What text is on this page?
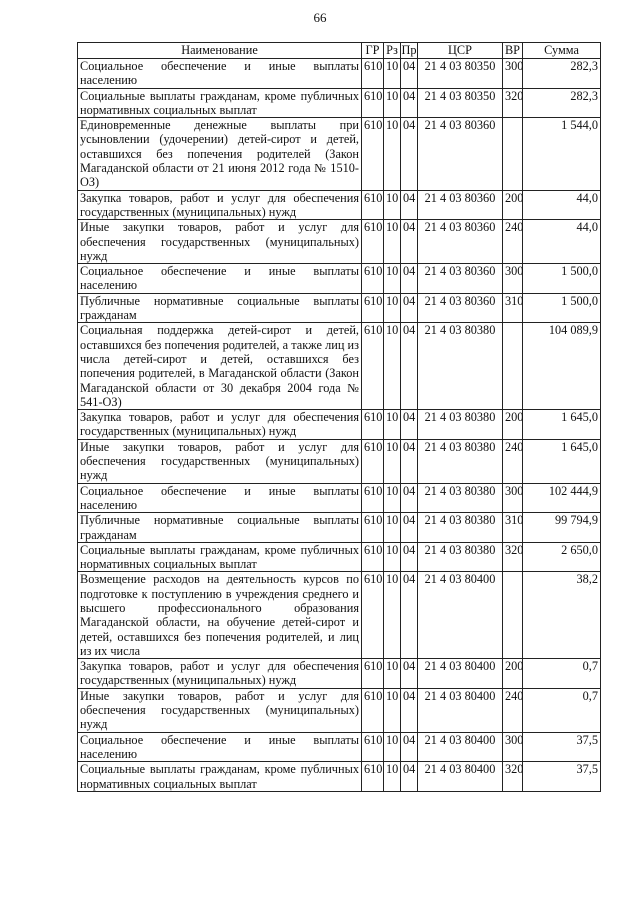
66
Наименование	ГР	Рз	Пр	ЦСР	ВР	Сумма
Социальное обеспечение и иные выплаты населению	610	10	04	21 4 03 80350	300	282,3
Социальные выплаты гражданам, кроме публичных нормативных социальных выплат	610	10	04	21 4 03 80350	320	282,3
Единовременные денежные выплаты при усыновлении (удочерении) детей-сирот и детей, оставшихся без попечения родителей (Закон Магаданской области от 21 июня 2012 года № 1510-ОЗ)	610	10	04	21 4 03 80360		1 544,0
Закупка товаров, работ и услуг для обеспечения государственных (муниципальных) нужд	610	10	04	21 4 03 80360	200	44,0
Иные закупки товаров, работ и услуг для обеспечения государственных (муниципальных) нужд	610	10	04	21 4 03 80360	240	44,0
Социальное обеспечение и иные выплаты населению	610	10	04	21 4 03 80360	300	1 500,0
Публичные нормативные социальные выплаты гражданам	610	10	04	21 4 03 80360	310	1 500,0
Социальная поддержка детей-сирот и детей, оставшихся без попечения родителей, а также лиц из числа детей-сирот и детей, оставшихся без попечения родителей, в Магаданской области (Закон Магаданской области от 30 декабря 2004 года № 541-ОЗ)	610	10	04	21 4 03 80380		104 089,9
Закупка товаров, работ и услуг для обеспечения государственных (муниципальных) нужд	610	10	04	21 4 03 80380	200	1 645,0
Иные закупки товаров, работ и услуг для обеспечения государственных (муниципальных) нужд	610	10	04	21 4 03 80380	240	1 645,0
Социальное обеспечение и иные выплаты населению	610	10	04	21 4 03 80380	300	102 444,9
Публичные нормативные социальные выплаты гражданам	610	10	04	21 4 03 80380	310	99 794,9
Социальные выплаты гражданам, кроме публичных нормативных социальных выплат	610	10	04	21 4 03 80380	320	2 650,0
Возмещение расходов на деятельность курсов по подготовке к поступлению в учреждения среднего и высшего профессионального образования Магаданской области, на обучение детей-сирот и детей, оставшихся без попечения родителей, и лиц из их числа	610	10	04	21 4 03 80400		38,2
Закупка товаров, работ и услуг для обеспечения государственных (муниципальных) нужд	610	10	04	21 4 03 80400	200	0,7
Иные закупки товаров, работ и услуг для обеспечения государственных (муниципальных) нужд	610	10	04	21 4 03 80400	240	0,7
Социальное обеспечение и иные выплаты населению	610	10	04	21 4 03 80400	300	37,5
Социальные выплаты гражданам, кроме публичных нормативных социальных выплат	610	10	04	21 4 03 80400	320	37,5
